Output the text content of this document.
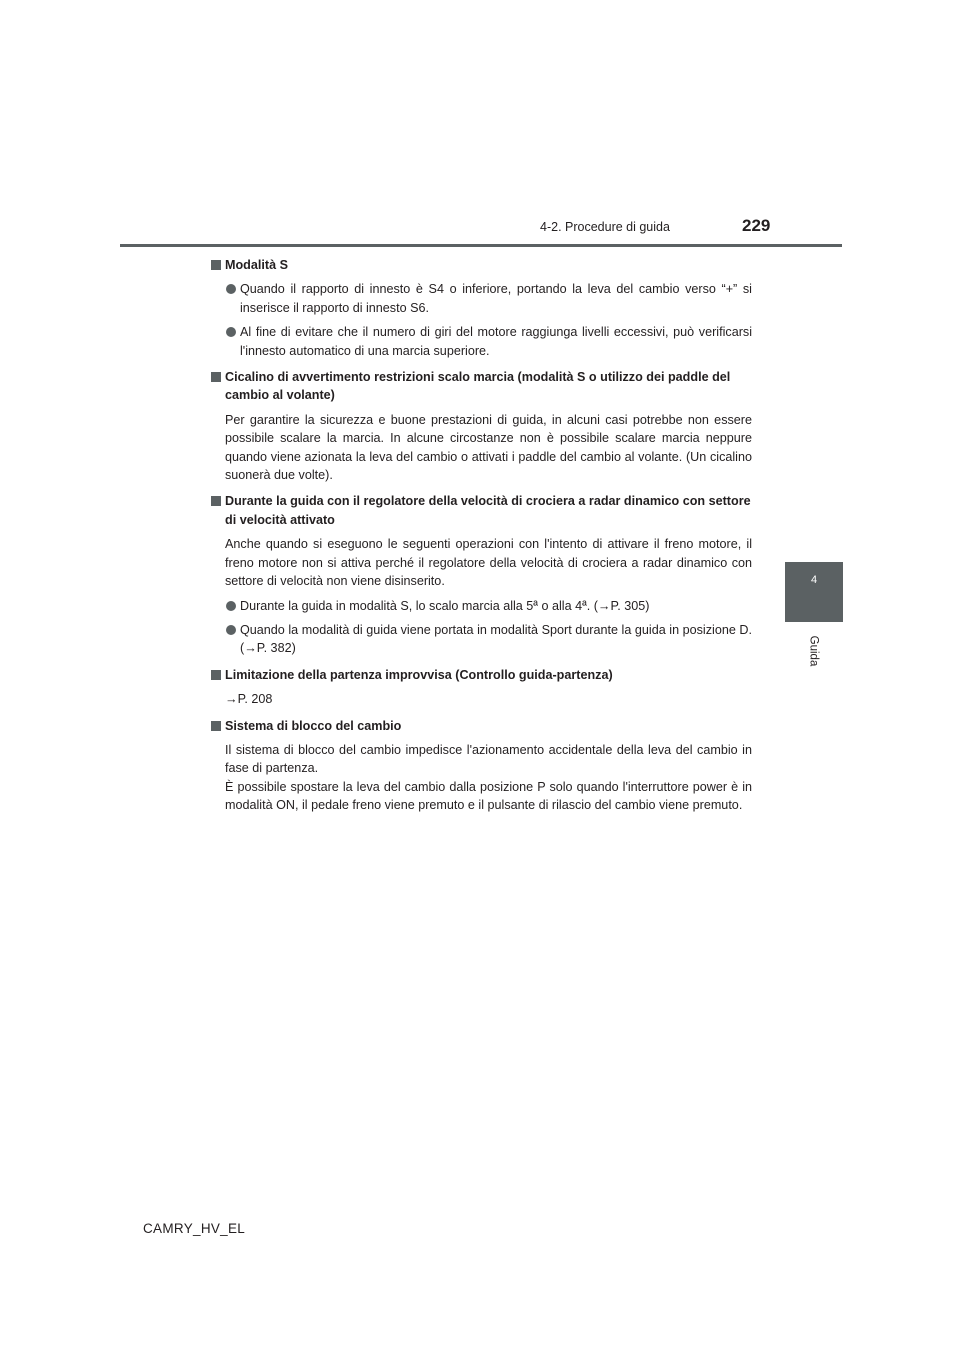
4-2. Procedure di guida	229
4
Guida

Modalità S

Quando il rapporto di innesto è S4 o inferiore, portando la leva del cambio verso “+” si inserisce il rapporto di innesto S6.

Al fine di evitare che il numero di giri del motore raggiunga livelli eccessivi, può verificarsi l'innesto automatico di una marcia superiore.

Cicalino di avvertimento restrizioni scalo marcia (modalità S o utilizzo dei paddle del cambio al volante)

Per garantire la sicurezza e buone prestazioni di guida, in alcuni casi potrebbe non essere possibile scalare la marcia. In alcune circostanze non è possibile scalare marcia neppure quando viene azionata la leva del cambio o attivati i paddle del cambio al volante. (Un cicalino suonerà due volte).

Durante la guida con il regolatore della velocità di crociera a radar dinamico con settore di velocità attivato

Anche quando si eseguono le seguenti operazioni con l'intento di attivare il freno motore, il freno motore non si attiva perché il regolatore della velocità di crociera a radar dinamico con settore di velocità non viene disinserito.

Durante la guida in modalità S, lo scalo marcia alla 5ª o alla 4ª. (→P. 305)

Quando la modalità di guida viene portata in modalità Sport durante la guida in posizione D. (→P. 382)

Limitazione della partenza improvvisa (Controllo guida-partenza)

→P. 208

Sistema di blocco del cambio

Il sistema di blocco del cambio impedisce l'azionamento accidentale della leva del cambio in fase di partenza.

È possibile spostare la leva del cambio dalla posizione P solo quando l'interruttore power è in modalità ON, il pedale freno viene premuto e il pulsante di rilascio del cambio viene premuto.

CAMRY_HV_EL
